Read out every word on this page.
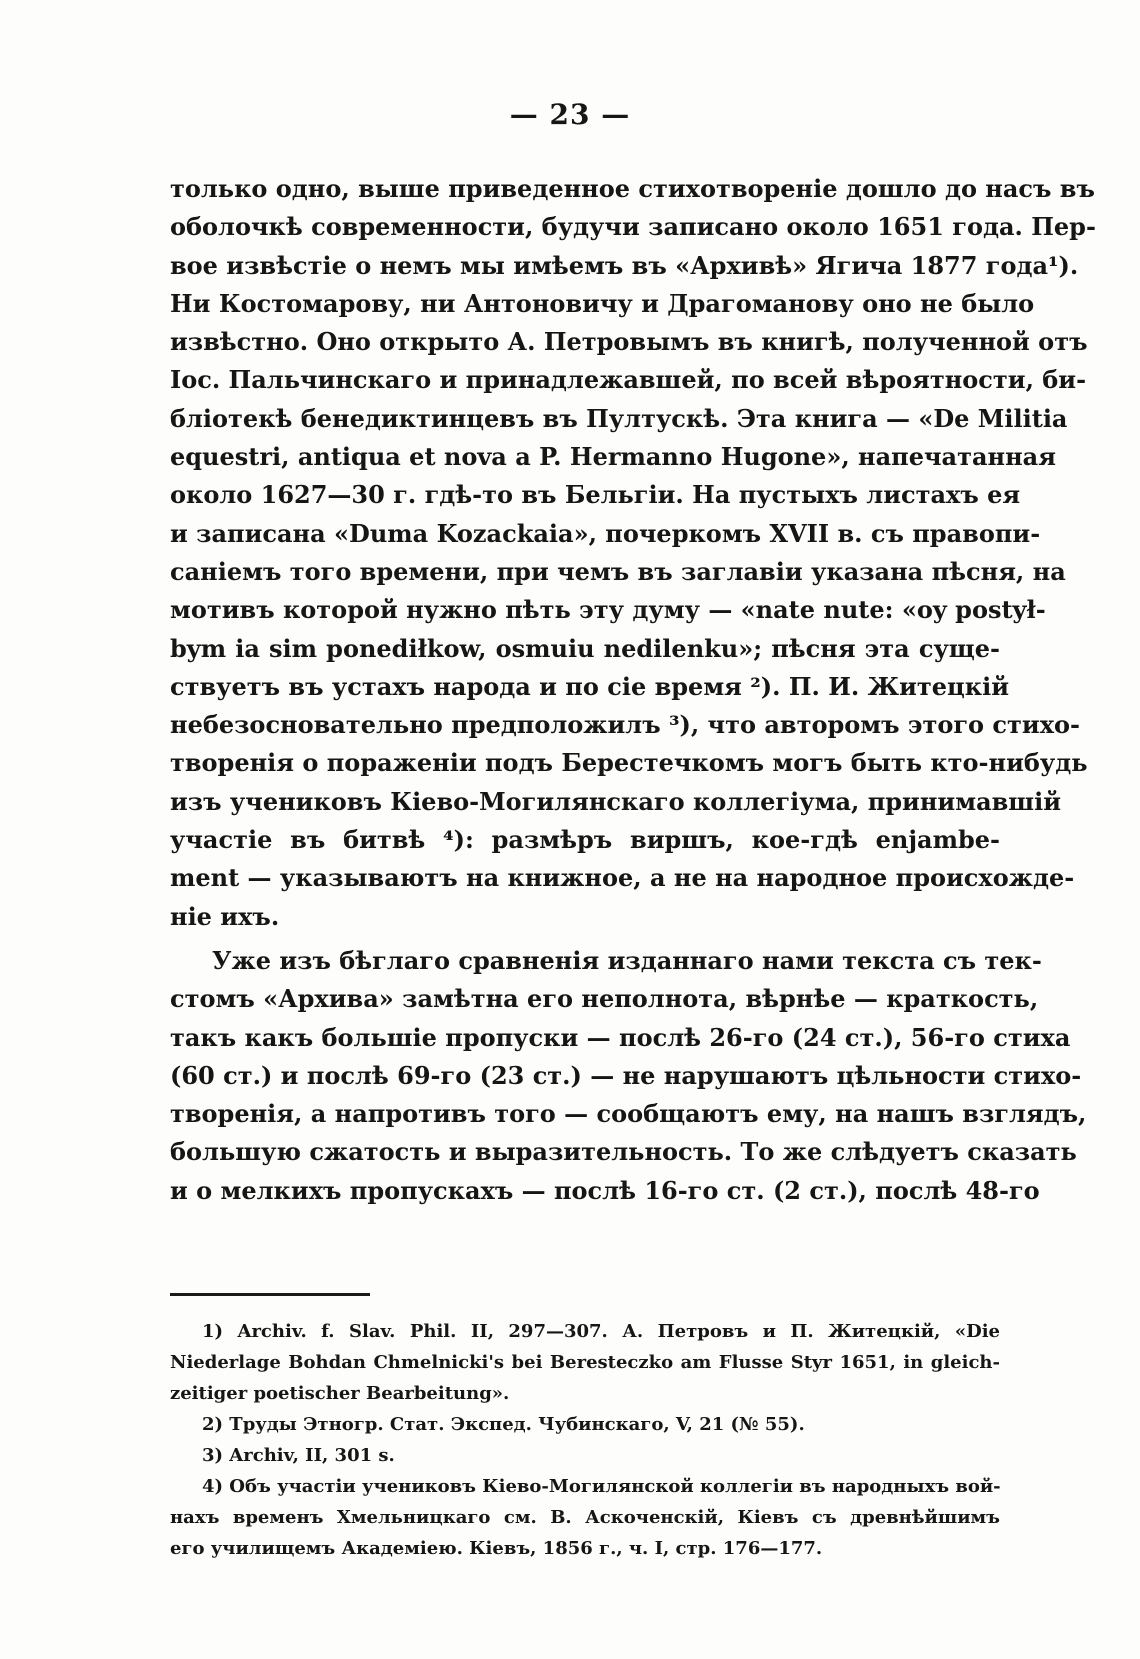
— 23 —

только одно, выше приведенное стихотвореніе дошло до насъ въ
оболочкѣ современности, будучи записано около 1651 года. Пер-
вое извѣстіе о немъ мы имѣемъ въ «Архивѣ» Ягича 1877 года¹).
Ни Костомарову, ни Антоновичу и Драгоманову оно не было
извѣстно. Оно открыто А. Петровымъ въ книгѣ, полученной отъ
Іос. Пальчинскаго и принадлежавшей, по всей вѣроятности, би-
бліотекѣ бенедиктинцевъ въ Пултускѣ. Эта книга — «De Militia
equestri, antiqua et nova a P. Hermanno Hugone», напечатанная
около 1627—30 г. гдѣ-то въ Бельгіи. На пустыхъ листахъ ея
и записана «Duma Kozackaia», почеркомъ XVII в. съ правопи-
саніемъ того времени, при чемъ въ заглавіи указана пѣсня, на
мотивъ которой нужно пѣть эту думу — «nate nute: «oy postył-
bym ia sim ponediłkow, osmuiu nedilenku»; пѣсня эта суще-
ствуетъ въ устахъ народа и по сіе время ²). П. И. Житецкій
небезосновательно предположилъ ³), что авторомъ этого стихо-
творенія о пораженіи подъ Берестечкомъ могъ быть кто-нибудь
изъ учениковъ Кіево-Могилянскаго коллегіума, принимавшій
участіе въ битвѣ ⁴): размѣръ виршъ, кое-гдѣ enjambe-
ment — указываютъ на книжное, а не на народное происхожде-
ніе ихъ.

Уже изъ бѣглаго сравненія изданнаго нами текста съ тек-
стомъ «Архива» замѣтна его неполнота, вѣрнѣе — краткость,
такъ какъ большіе пропуски — послѣ 26-го (24 ст.), 56-го стиха
(60 ст.) и послѣ 69-го (23 ст.) — не нарушаютъ цѣльности стихо-
творенія, а напротивъ того — сообщаютъ ему, на нашъ взглядъ,
большую сжатость и выразительность. То же слѣдуетъ сказать
и о мелкихъ пропускахъ — послѣ 16-го ст. (2 ст.), послѣ 48-го

1) Archiv. f. Slav. Phil. II, 297—307. А. Петровъ и П. Житецкій, «Die
Niederlage Bohdan Chmelnicki's bei Beresteczko am Flusse Styr 1651, in gleich-
zeitiger poetischer Bearbeitung».

2) Труды Этногр. Стат. Экспед. Чубинскаго, V, 21 (№ 55).

3) Archiv, II, 301 s.

4) Объ участіи учениковъ Кіево-Могилянской коллегіи въ народныхъ вой-
нахъ временъ Хмельницкаго см. В. Аскоченскій, Кіевъ съ древнѣйшимъ
его училищемъ Академіею. Кіевъ, 1856 г., ч. I, стр. 176—177.
